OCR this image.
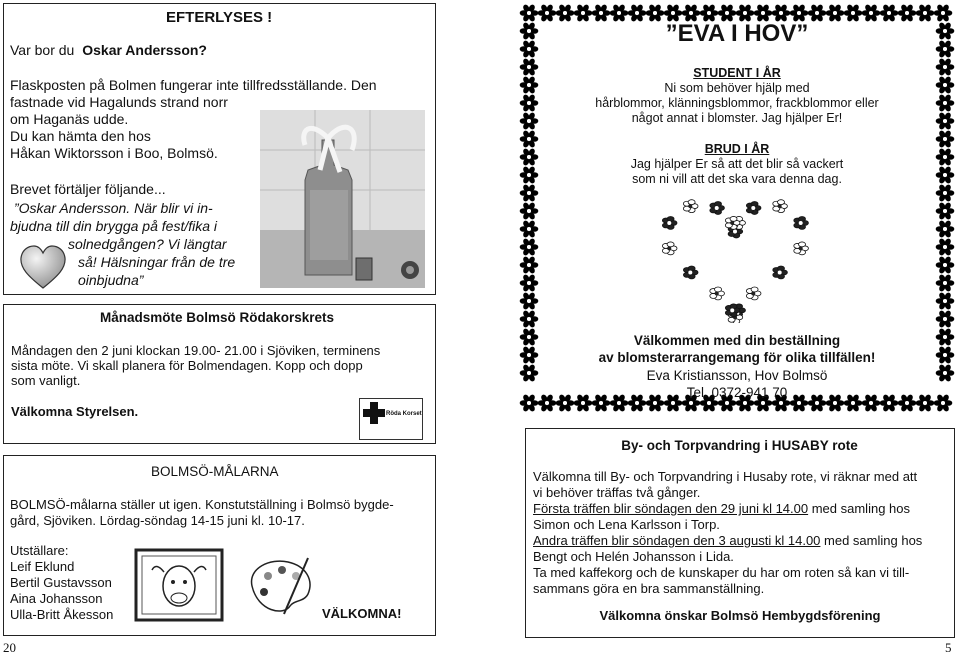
EFTERLYSES !
Var bor du Oskar Andersson?
Flaskposten på Bolmen fungerar inte tillfredsställande. Den
fastnade vid Hagalunds strand norr
om Haganäs udde.
Du kan hämta den hos
Håkan Wiktorsson i Boo, Bolmsö.
Brevet förtäljer följande...
”Oskar Andersson. När blir vi in-
bjudna till din brygga på fest/fika i
solnedgången? Vi längtar
så! Hälsningar från de tre
oinbjudna”
Månadsmöte Bolmsö Rödakorskrets
Måndagen den 2 juni klockan 19.00- 21.00 i Sjöviken, terminens
sista möte. Vi skall planera för Bolmendagen. Kopp och dopp
som vanligt.
Välkomna Styrelsen.	Röda Korset
BOLMSÖ-MÅLARNA
BOLMSÖ-målarna ställer ut igen. Konstutställning i Bolmsö bygde-
gård, Sjöviken. Lördag-söndag 14-15 juni kl. 10-17.
Utställare:
Leif Eklund
Bertil Gustavsson
Aina Johansson
Ulla-Britt Åkesson	VÄLKOMNA!
20
”EVA I HOV”
STUDENT I ÅR
Ni som behöver hjälp med
hårblommor, klänningsblommor, frackblommor eller
något annat i blomster. Jag hjälper Er!
BRUD I ÅR
Jag hjälper Er så att det blir så vackert
som ni vill att det ska vara denna dag.
Välkommen med din beställning
av blomsterarrangemang för olika tillfällen!
Eva Kristiansson, Hov Bolmsö
Tel. 0372-941 70
By- och Torpvandring i HUSABY rote
Välkomna till By- och Torpvandring i Husaby rote, vi räknar med att
vi behöver träffas två gånger.
Första träffen blir söndagen den 29 juni kl 14.00 med samling hos
Simon och Lena Karlsson i Torp.
Andra träffen blir söndagen den 3 augusti kl 14.00 med samling hos
Bengt och Helén Johansson i Lida.
Ta med kaffekorg och de kunskaper du har om roten så kan vi till-
sammans göra en bra sammanställning.
Välkomna önskar Bolmsö Hembygdsförening
5
